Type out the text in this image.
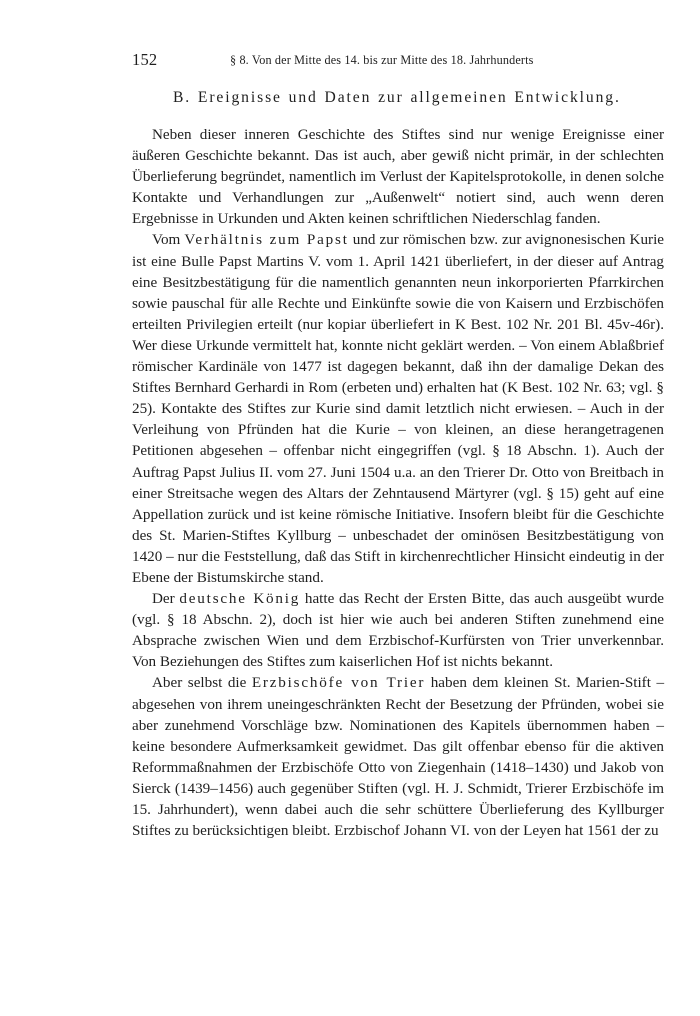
152	§ 8. Von der Mitte des 14. bis zur Mitte des 18. Jahrhunderts
B. Ereignisse und Daten zur allgemeinen Entwicklung.

Neben dieser inneren Geschichte des Stiftes sind nur wenige Ereignisse einer äußeren Geschichte bekannt. Das ist auch, aber gewiß nicht primär, in der schlechten Überlieferung begründet, namentlich im Verlust der Kapitelsprotokolle, in denen solche Kontakte und Verhandlungen zur „Außenwelt“ notiert sind, auch wenn deren Ergebnisse in Urkunden und Akten keinen schriftlichen Niederschlag fanden.

Vom Verhältnis zum Papst und zur römischen bzw. zur avignonesischen Kurie ist eine Bulle Papst Martins V. vom 1. April 1421 überliefert, in der dieser auf Antrag eine Besitzbestätigung für die namentlich genannten neun inkorporierten Pfarrkirchen sowie pauschal für alle Rechte und Einkünfte sowie die von Kaisern und Erzbischöfen erteilten Privilegien erteilt (nur kopiar überliefert in K Best. 102 Nr. 201 Bl. 45v-46r). Wer diese Urkunde vermittelt hat, konnte nicht geklärt werden. – Von einem Ablaßbrief römischer Kardinäle von 1477 ist dagegen bekannt, daß ihn der damalige Dekan des Stiftes Bernhard Gerhardi in Rom (erbeten und) erhalten hat (K Best. 102 Nr. 63; vgl. § 25). Kontakte des Stiftes zur Kurie sind damit letztlich nicht erwiesen. – Auch in der Verleihung von Pfründen hat die Kurie – von kleinen, an diese herangetragenen Petitionen abgesehen – offenbar nicht eingegriffen (vgl. § 18 Abschn. 1). Auch der Auftrag Papst Julius II. vom 27. Juni 1504 u.a. an den Trierer Dr. Otto von Breitbach in einer Streitsache wegen des Altars der Zehntausend Märtyrer (vgl. § 15) geht auf eine Appellation zurück und ist keine römische Initiative. Insofern bleibt für die Geschichte des St. Marien-Stiftes Kyllburg – unbeschadet der ominösen Besitzbestätigung von 1420 – nur die Feststellung, daß das Stift in kirchenrechtlicher Hinsicht eindeutig in der Ebene der Bistumskirche stand.

Der deutsche König hatte das Recht der Ersten Bitte, das auch ausgeübt wurde (vgl. § 18 Abschn. 2), doch ist hier wie auch bei anderen Stiften zunehmend eine Absprache zwischen Wien und dem Erzbischof-Kurfürsten von Trier unverkennbar. Von Beziehungen des Stiftes zum kaiserlichen Hof ist nichts bekannt.

Aber selbst die Erzbischöfe von Trier haben dem kleinen St. Marien-Stift – abgesehen von ihrem uneingeschränkten Recht der Besetzung der Pfründen, wobei sie aber zunehmend Vorschläge bzw. Nominationen des Kapitels übernommen haben – keine besondere Aufmerksamkeit gewidmet. Das gilt offenbar ebenso für die aktiven Reformmaßnahmen der Erzbischöfe Otto von Ziegenhain (1418–1430) und Jakob von Sierck (1439–1456) auch gegenüber Stiften (vgl. H. J. Schmidt, Trierer Erzbischöfe im 15. Jahrhundert), wenn dabei auch die sehr schüttere Überlieferung des Kyllburger Stiftes zu berücksichtigen bleibt. Erzbischof Johann VI. von der Leyen hat 1561 der zu
